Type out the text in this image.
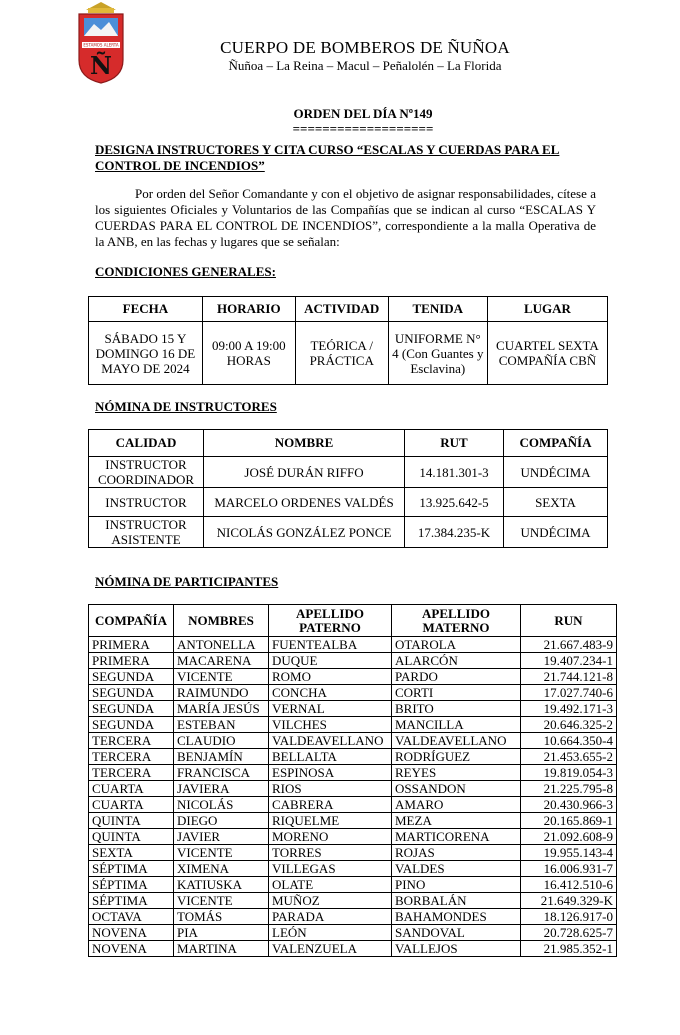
ESTAMOS ALERTA
Ñ
CUERPO DE BOMBEROS DE ÑUÑOA
Ñuñoa – La Reina – Macul – Peñalolén – La Florida
ORDEN DEL DÍA Nº149
===================
DESIGNA INSTRUCTORES Y CITA CURSO “ESCALAS Y CUERDAS PARA EL CONTROL DE INCENDIOS”
Por orden del Señor Comandante y con el objetivo de asignar responsabilidades, cítese a los siguientes Oficiales y Voluntarios de las Compañías que se indican al curso “ESCALAS Y CUERDAS PARA EL CONTROL DE INCENDIOS”, correspondiente a la malla Operativa de la ANB, en las fechas y lugares que se señalan:
CONDICIONES GENERALES:
FECHA	HORARIO	ACTIVIDAD	TENIDA	LUGAR
SÁBADO 15 Y DOMINGO 16 DE MAYO DE 2024	09:00 A 19:00 HORAS	TEÓRICA / PRÁCTICA	UNIFORME N° 4 (Con Guantes y Esclavina)	CUARTEL SEXTA COMPAÑÍA CBÑ
NÓMINA DE INSTRUCTORES
CALIDAD	NOMBRE	RUT	COMPAÑÍA
INSTRUCTOR COORDINADOR	JOSÉ DURÁN RIFFO	14.181.301-3	UNDÉCIMA
INSTRUCTOR	MARCELO ORDENES VALDÉS	13.925.642-5	SEXTA
INSTRUCTOR ASISTENTE	NICOLÁS GONZÁLEZ PONCE	17.384.235-K	UNDÉCIMA
NÓMINA DE PARTICIPANTES
COMPAÑÍA	NOMBRES	APELLIDO PATERNO	APELLIDO MATERNO	RUN
PRIMERA	ANTONELLA	FUENTEALBA	OTAROLA	21.667.483-9
PRIMERA	MACARENA	DUQUE	ALARCÓN	19.407.234-1
SEGUNDA	VICENTE	ROMO	PARDO	21.744.121-8
SEGUNDA	RAIMUNDO	CONCHA	CORTI	17.027.740-6
SEGUNDA	MARÍA JESÚS	VERNAL	BRITO	19.492.171-3
SEGUNDA	ESTEBAN	VILCHES	MANCILLA	20.646.325-2
TERCERA	CLAUDIO	VALDEAVELLANO	VALDEAVELLANO	10.664.350-4
TERCERA	BENJAMÍN	BELLALTA	RODRÍGUEZ	21.453.655-2
TERCERA	FRANCISCA	ESPINOSA	REYES	19.819.054-3
CUARTA	JAVIERA	RIOS	OSSANDON	21.225.795-8
CUARTA	NICOLÁS	CABRERA	AMARO	20.430.966-3
QUINTA	DIEGO	RIQUELME	MEZA	20.165.869-1
QUINTA	JAVIER	MORENO	MARTICORENA	21.092.608-9
SEXTA	VICENTE	TORRES	ROJAS	19.955.143-4
SÉPTIMA	XIMENA	VILLEGAS	VALDES	16.006.931-7
SÉPTIMA	KATIUSKA	OLATE	PINO	16.412.510-6
SÉPTIMA	VICENTE	MUÑOZ	BORBALÁN	21.649.329-K
OCTAVA	TOMÁS	PARADA	BAHAMONDES	18.126.917-0
NOVENA	PIA	LEÓN	SANDOVAL	20.728.625-7
NOVENA	MARTINA	VALENZUELA	VALLEJOS	21.985.352-1
